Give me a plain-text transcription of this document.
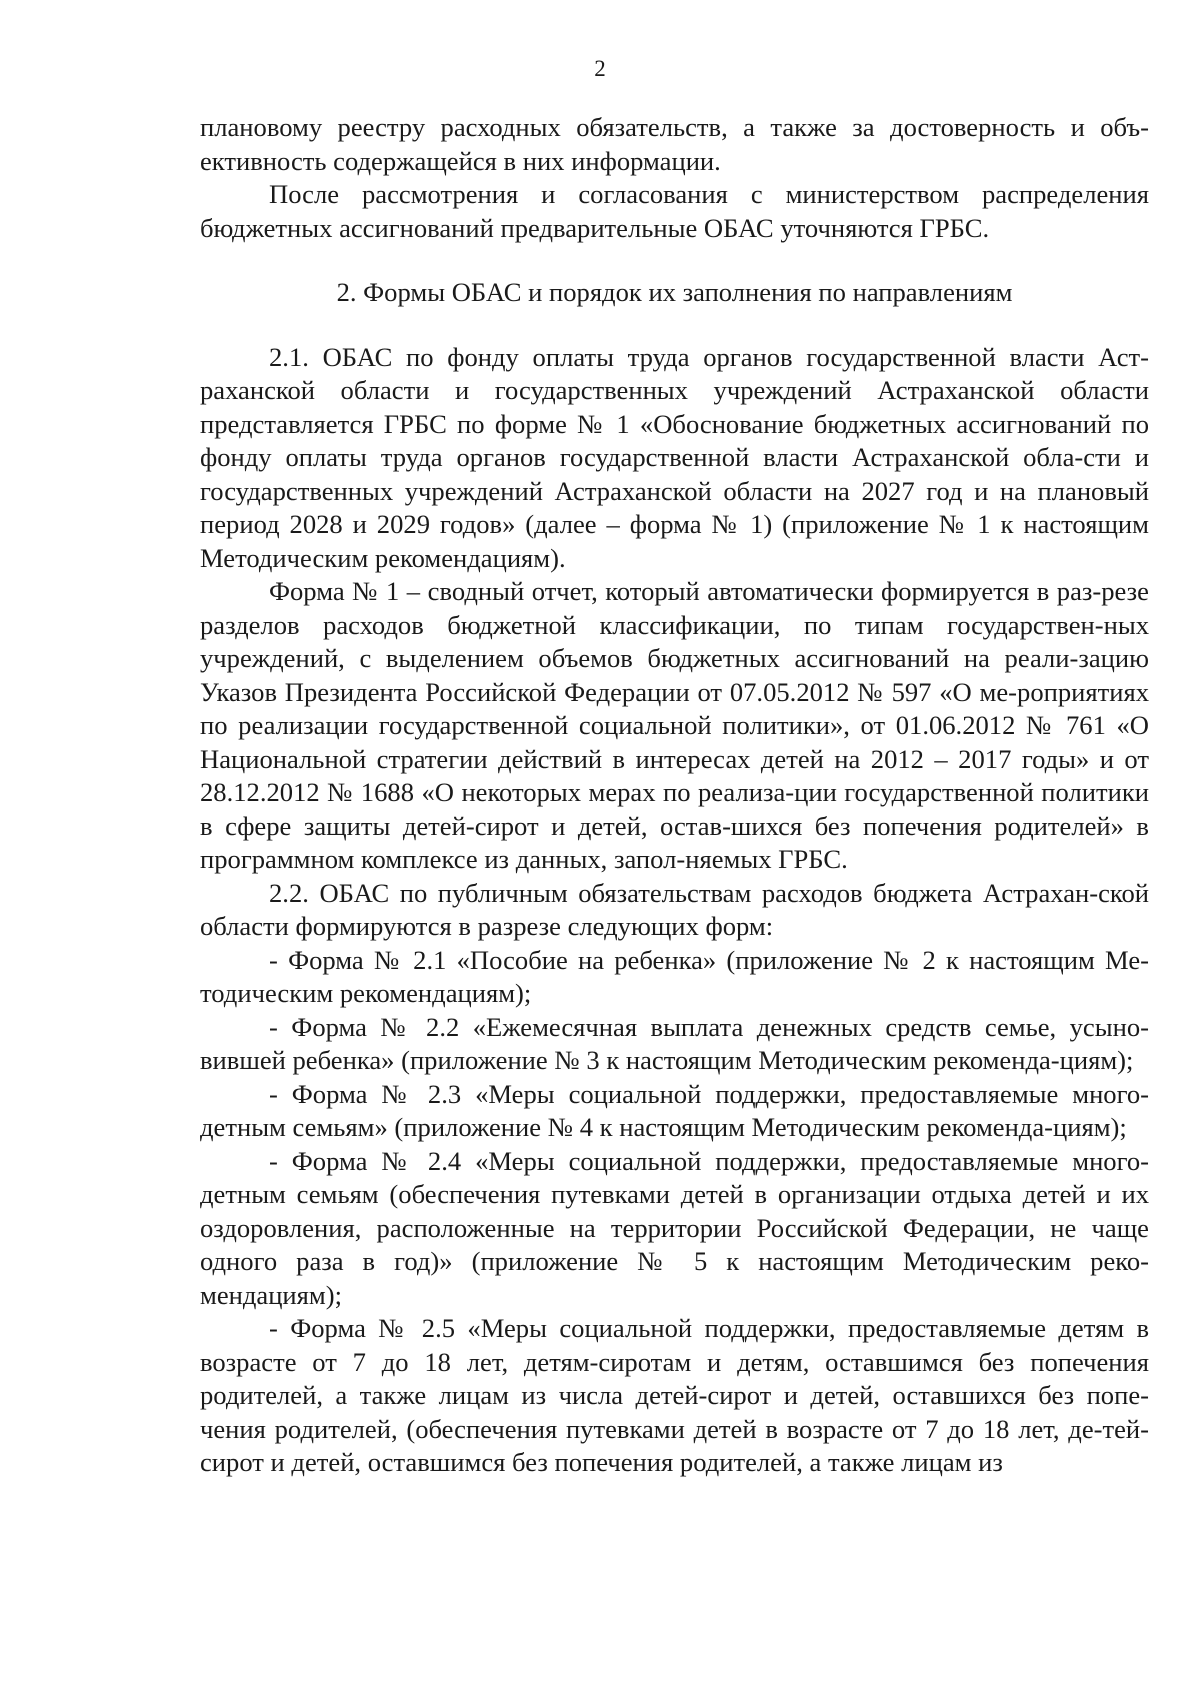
2

плановому реестру расходных обязательств, а также за достоверность и объ-ективность содержащейся в них информации.

После рассмотрения и согласования с министерством распределения бюджетных ассигнований предварительные ОБАС уточняются ГРБС.

2. Формы ОБАС и порядок их заполнения по направлениям

2.1. ОБАС по фонду оплаты труда органов государственной власти Аст-раханской области и государственных учреждений Астраханской области представляется ГРБС по форме № 1 «Обоснование бюджетных ассигнований по фонду оплаты труда органов государственной власти Астраханской обла-сти и государственных учреждений Астраханской области на 2027 год и на плановый период 2028 и 2029 годов» (далее – форма № 1) (приложение № 1 к настоящим Методическим рекомендациям).

Форма № 1 – сводный отчет, который автоматически формируется в раз-резе разделов расходов бюджетной классификации, по типам государствен-ных учреждений, с выделением объемов бюджетных ассигнований на реали-зацию Указов Президента Российской Федерации от 07.05.2012 № 597 «О ме-роприятиях по реализации государственной социальной политики», от 01.06.2012 № 761 «О Национальной стратегии действий в интересах детей на 2012 – 2017 годы» и от 28.12.2012 № 1688 «О некоторых мерах по реализа-ции государственной политики в сфере защиты детей-сирот и детей, остав-шихся без попечения родителей» в программном комплексе из данных, запол-няемых ГРБС.

2.2. ОБАС по публичным обязательствам расходов бюджета Астрахан-ской области формируются в разрезе следующих форм:

- Форма № 2.1 «Пособие на ребенка» (приложение № 2 к настоящим Ме-тодическим рекомендациям);

- Форма № 2.2 «Ежемесячная выплата денежных средств семье, усыно-вившей ребенка» (приложение № 3 к настоящим Методическим рекоменда-циям);

- Форма № 2.3 «Меры социальной поддержки, предоставляемые много-детным семьям» (приложение № 4 к настоящим Методическим рекоменда-циям);

- Форма № 2.4 «Меры социальной поддержки, предоставляемые много-детным семьям (обеспечения путевками детей в организации отдыха детей и их оздоровления, расположенные на территории Российской Федерации, не чаще одного раза в год)» (приложение № 5 к настоящим Методическим реко-мендациям);

- Форма № 2.5 «Меры социальной поддержки, предоставляемые детям в возрасте от 7 до 18 лет, детям-сиротам и детям, оставшимся без попечения родителей, а также лицам из числа детей-сирот и детей, оставшихся без попе-чения родителей, (обеспечения путевками детей в возрасте от 7 до 18 лет, де-тей-сирот и детей, оставшимся без попечения родителей, а также лицам из
